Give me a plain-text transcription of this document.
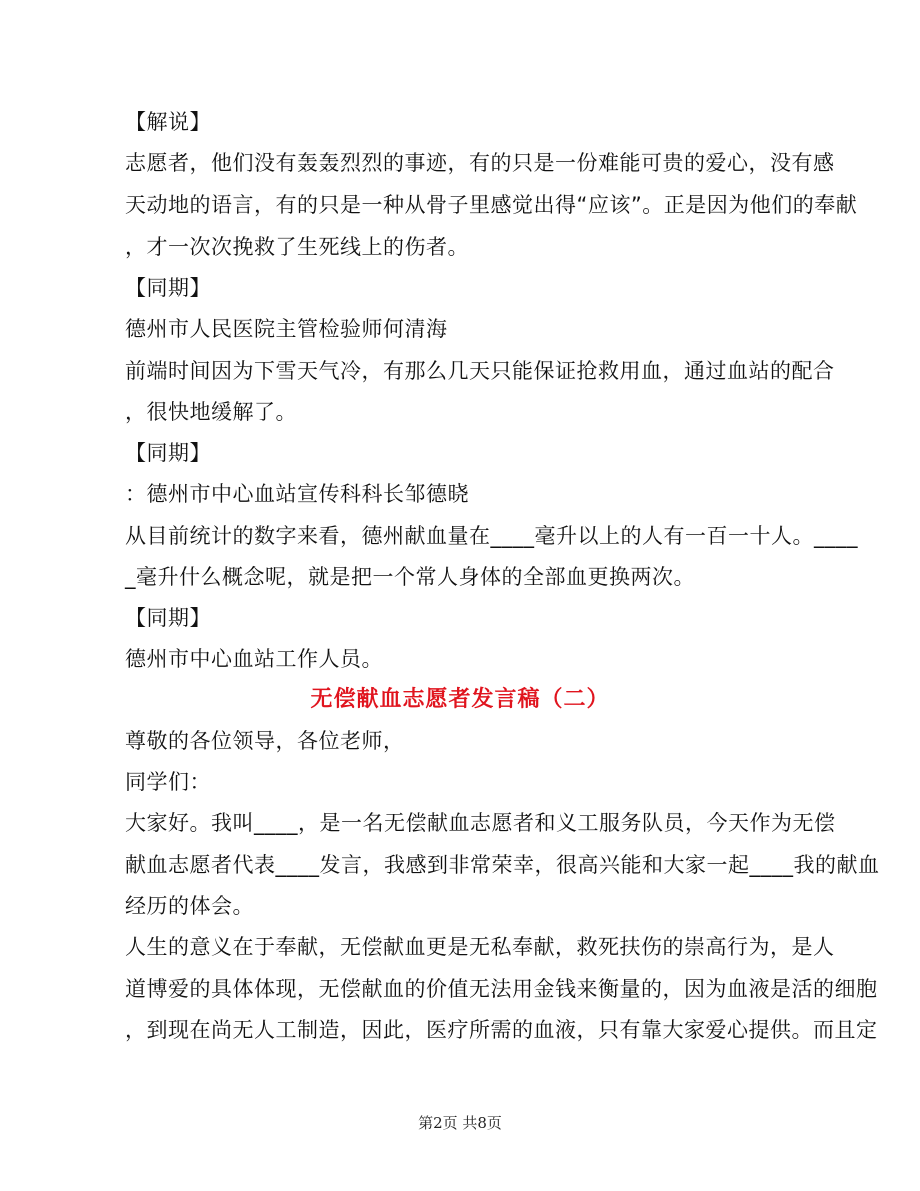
【解说】
志愿者，他们没有轰轰烈烈的事迹，有的只是一份难能可贵的爱心，没有感
天动地的语言，有的只是一种从骨子里感觉出得“应该”。正是因为他们的奉献
，才一次次挽救了生死线上的伤者。
【同期】
德州市人民医院主管检验师何清海
前端时间因为下雪天气冷，有那么几天只能保证抢救用血，通过血站的配合
，很快地缓解了。
【同期】
：德州市中心血站宣传科科长邹德晓
从目前统计的数字来看，德州献血量在____毫升以上的人有一百一十人。____
_毫升什么概念呢，就是把一个常人身体的全部血更换两次。
【同期】
德州市中心血站工作人员。
无偿献血志愿者发言稿（二）
尊敬的各位领导，各位老师，
同学们：
大家好。我叫____，是一名无偿献血志愿者和义工服务队员，今天作为无偿
献血志愿者代表____发言，我感到非常荣幸，很高兴能和大家一起____我的献血
经历的体会。
人生的意义在于奉献，无偿献血更是无私奉献，救死扶伤的崇高行为，是人
道博爱的具体体现，无偿献血的价值无法用金钱来衡量的，因为血液是活的细胞
，到现在尚无人工制造，因此，医疗所需的血液，只有靠大家爱心提供。而且定
第2页 共8页
